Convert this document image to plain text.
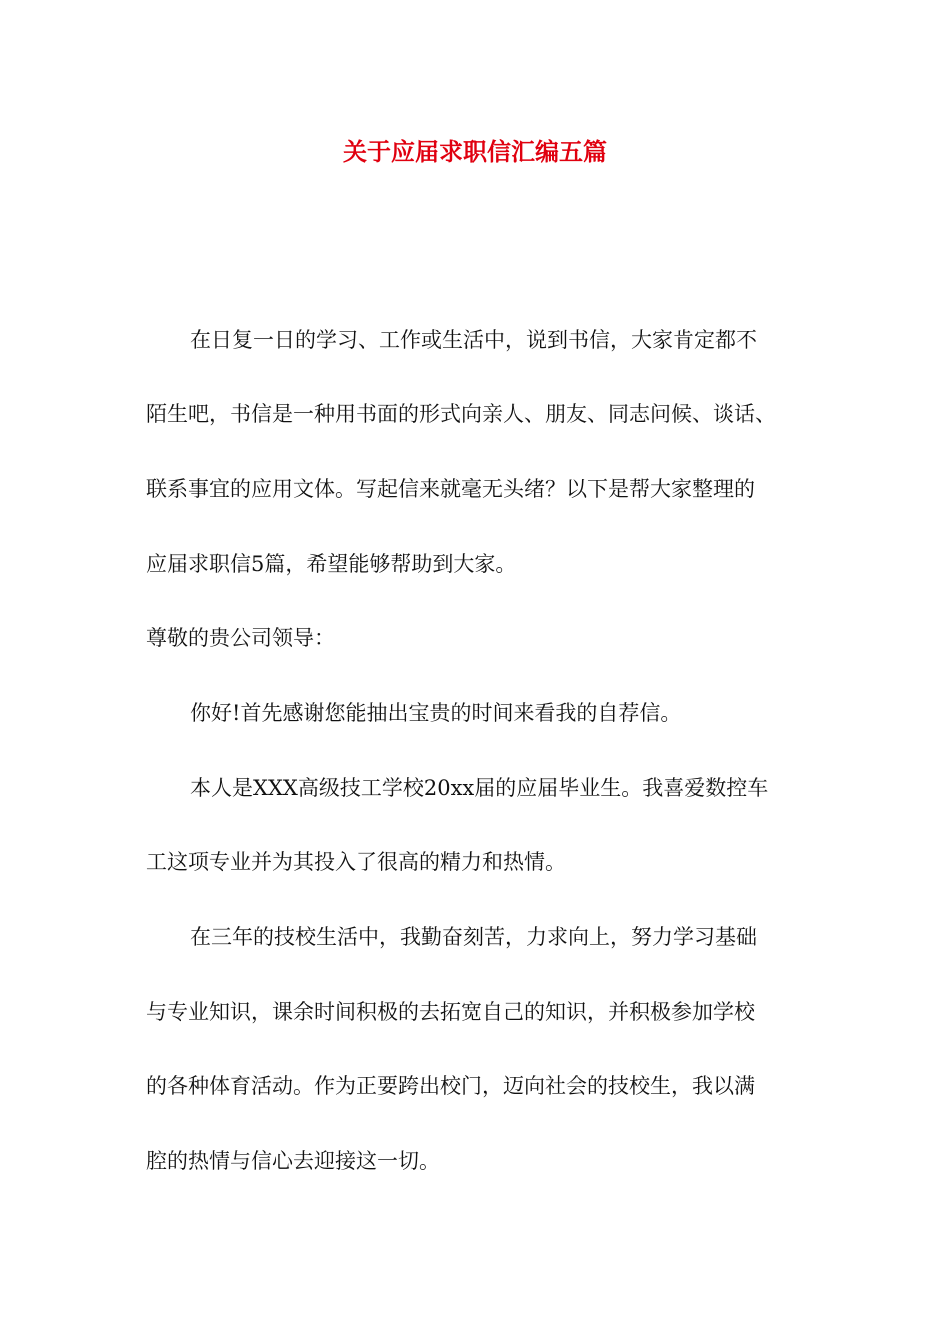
关于应届求职信汇编五篇

在日复一日的学习、工作或生活中，说到书信，大家肯定都不

陌生吧，书信是一种用书面的形式向亲人、朋友、同志问候、谈话、

联系事宜的应用文体。写起信来就毫无头绪？以下是帮大家整理的

应届求职信5篇，希望能够帮助到大家。

尊敬的贵公司领导：

你好!首先感谢您能抽出宝贵的时间来看我的自荐信。

本人是XXX高级技工学校20xx届的应届毕业生。我喜爱数控车

工这项专业并为其投入了很高的精力和热情。

在三年的技校生活中，我勤奋刻苦，力求向上，努力学习基础

与专业知识，课余时间积极的去拓宽自己的知识，并积极参加学校

的各种体育活动。作为正要跨出校门，迈向社会的技校生，我以满

腔的热情与信心去迎接这一切。
